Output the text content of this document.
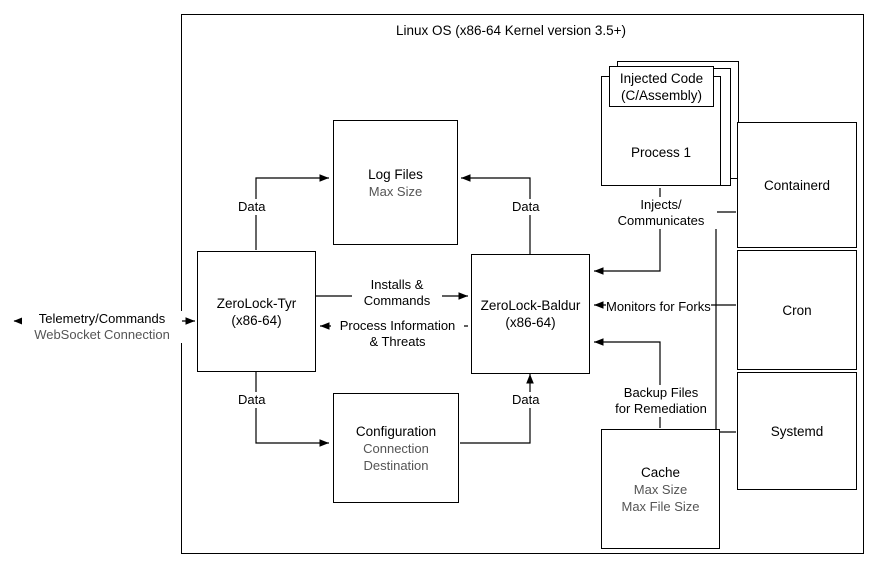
Linux OS (x86-64 Kernel version 3.5+)
Telemetry/Commands
WebSocket Connection
Log Files
Max Size
Process 1
Injected Code
(C/Assembly)
Containerd
Cron
Systemd
ZeroLock-Tyr
(x86-64)
ZeroLock-Baldur
(x86-64)
Configuration
Connection
Destination	Cache
Max Size
Max File Size
Data	Data
Data	Data
Installs &
Commands
Process Information
& Threats
Injects/
Communicates
Monitors for Forks
Backup Files
for Remediation
